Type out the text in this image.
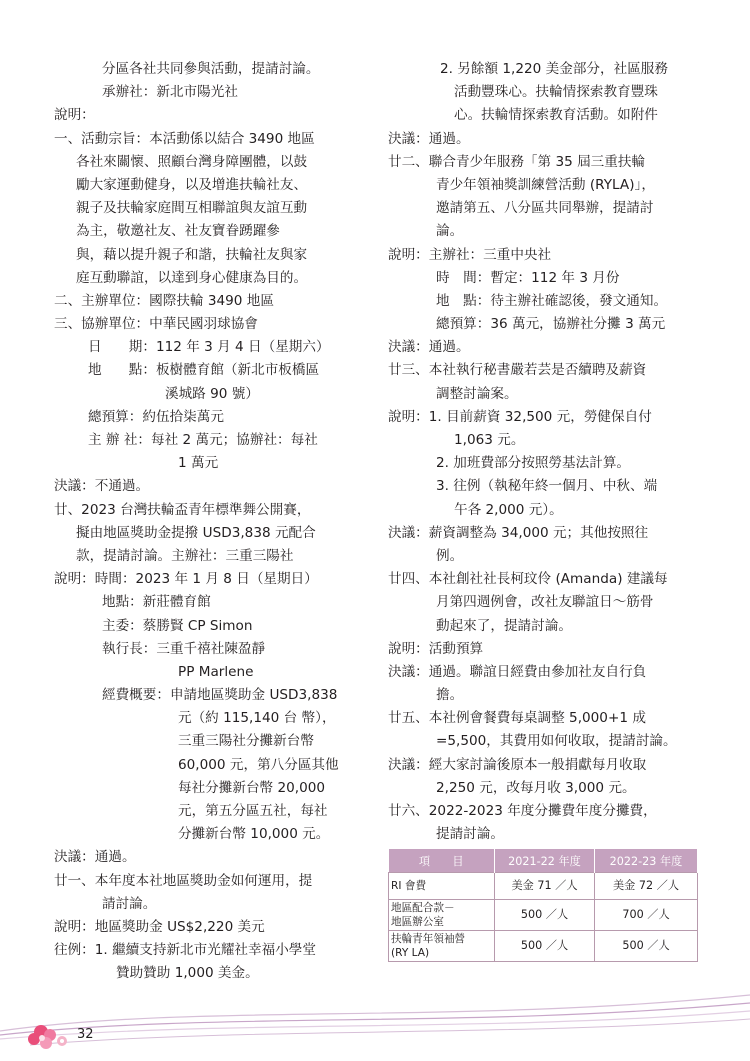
分區各社共同參與活動，提請討論。
承辦社：新北市陽光社
說明：
一、活動宗旨：本活動係以結合 3490 地區
各社來關懷、照顧台灣身障團體，以鼓
勵大家運動健身，以及增進扶輪社友、
親子及扶輪家庭間互相聯誼與友誼互動
為主，敬邀社友、社友寶眷踴躍參
與，藉以提升親子和諧，扶輪社友與家
庭互動聯誼，以達到身心健康為目的。
二、主辦單位：國際扶輪 3490 地區
三、協辦單位：中華民國羽球協會
日　　期：112 年 3 月 4 日（星期六）
地　　點：板樹體育館（新北市板橋區
溪城路 90 號）
總預算：約伍拾柒萬元
主 辦 社：每社 2 萬元；協辦社：每社
1 萬元
決議：不通過。
廿、2023 台灣扶輪盃青年標準舞公開賽，
擬由地區獎助金提撥 USD3,838 元配合
款，提請討論。主辦社：三重三陽社
說明：時間：2023 年 1 月 8 日（星期日）
地點：新莊體育館
主委：蔡勝賢 CP Simon
執行長：三重千禧社陳盈靜
PP Marlene
經費概要：申請地區獎助金 USD3,838
元（約 115,140 台 幣），
三重三陽社分攤新台幣
60,000 元，第八分區其他
每社分攤新台幣 20,000
元，第五分區五社，每社
分攤新台幣 10,000 元。
決議：通過。
廿一、本年度本社地區獎助金如何運用，提
請討論。
說明：地區獎助金 US$2,220 美元
往例：1. 繼續支持新北市光耀社幸福小學堂
贊助贊助 1,000 美金。
2. 另餘額 1,220 美金部分，社區服務
活動豐珠心。扶輪情探索教育豐珠
心。扶輪情探索教育活動。如附件
決議：通過。
廿二、聯合青少年服務「第 35 屆三重扶輪
青少年領袖獎訓練營活動 (RYLA)」，
邀請第五、八分區共同舉辦，提請討
論。
說明：主辦社：三重中央社
時　間：暫定：112 年 3 月份
地　點：待主辦社確認後，發文通知。
總預算：36 萬元，協辦社分攤 3 萬元
決議：通過。
廿三、本社執行秘書嚴若芸是否續聘及薪資
調整討論案。
說明：1. 目前薪資 32,500 元，勞健保自付
1,063 元。
2. 加班費部分按照勞基法計算。
3. 往例（執秘年終一個月、中秋、端
午各 2,000 元）。
決議：薪資調整為 34,000 元；其他按照往
例。
廿四、本社創社社長柯玟伶 (Amanda) 建議每
月第四週例會，改社友聯誼日～筋骨
動起來了，提請討論。
說明：活動預算
決議：通過。聯誼日經費由參加社友自行負
擔。
廿五、本社例會餐費每桌調整 5,000+1 成
=5,500，其費用如何收取，提請討論。
決議：經大家討論後原本一般捐獻每月收取
2,250 元，改每月收 3,000 元。
廿六、2022-2023 年度分攤費年度分攤費，
提請討論。
項　　目	2021-22 年度	2022-23 年度
RI 會費	美金 71 ／人	美金 72 ／人
地區配合款－
地區辦公室	500 ／人	700 ／人
扶輪青年領袖營
(RY LA)	500 ／人	500 ／人
32
